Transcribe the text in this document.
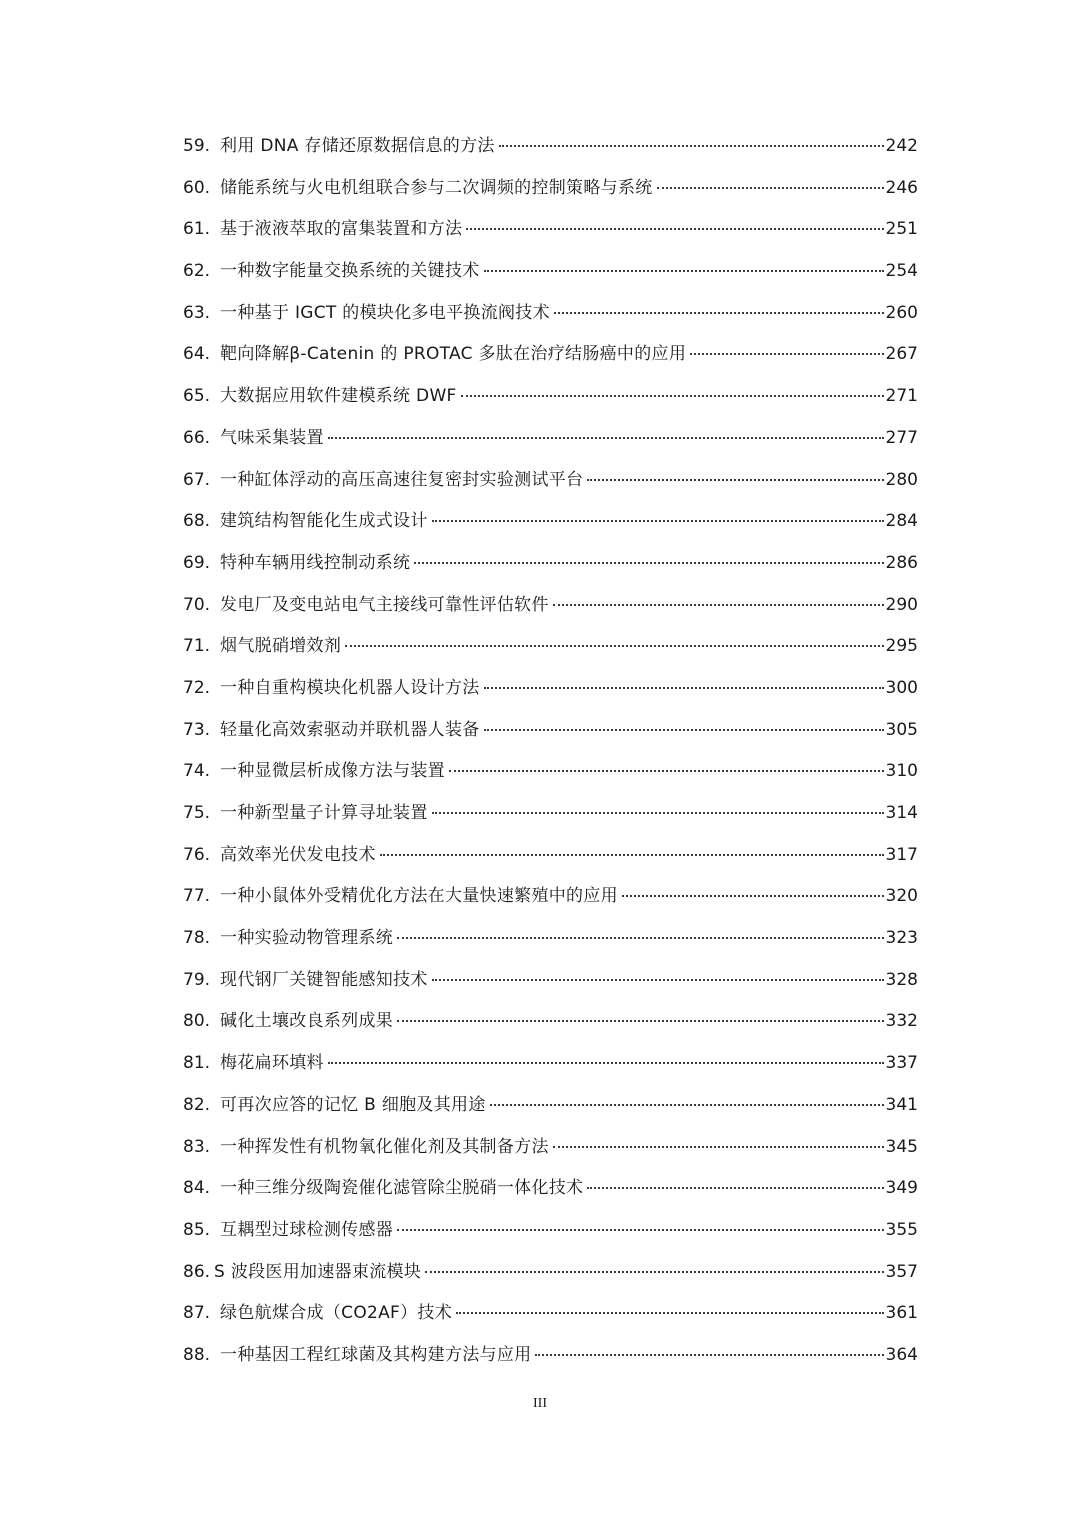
59. 利用 DNA 存储还原数据信息的方法	242
60. 储能系统与火电机组联合参与二次调频的控制策略与系统	246
61. 基于液液萃取的富集装置和方法	251
62. 一种数字能量交换系统的关键技术	254
63. 一种基于 IGCT 的模块化多电平换流阀技术	260
64. 靶向降解β-Catenin 的 PROTAC 多肽在治疗结肠癌中的应用	267
65. 大数据应用软件建模系统 DWF	271
66. 气味采集装置	277
67. 一种缸体浮动的高压高速往复密封实验测试平台	280
68. 建筑结构智能化生成式设计	284
69. 特种车辆用线控制动系统	286
70. 发电厂及变电站电气主接线可靠性评估软件	290
71. 烟气脱硝增效剂	295
72. 一种自重构模块化机器人设计方法	300
73. 轻量化高效索驱动并联机器人装备	305
74. 一种显微层析成像方法与装置	310
75. 一种新型量子计算寻址装置	314
76. 高效率光伏发电技术	317
77. 一种小鼠体外受精优化方法在大量快速繁殖中的应用	320
78. 一种实验动物管理系统	323
79. 现代钢厂关键智能感知技术	328
80. 碱化土壤改良系列成果	332
81. 梅花扁环填料	337
82. 可再次应答的记忆 B 细胞及其用途	341
83. 一种挥发性有机物氧化催化剂及其制备方法	345
84. 一种三维分级陶瓷催化滤管除尘脱硝一体化技术	349
85. 互耦型过球检测传感器	355
86. S 波段医用加速器束流模块	357
87. 绿色航煤合成（CO2AF）技术	361
88. 一种基因工程红球菌及其构建方法与应用	364
III
